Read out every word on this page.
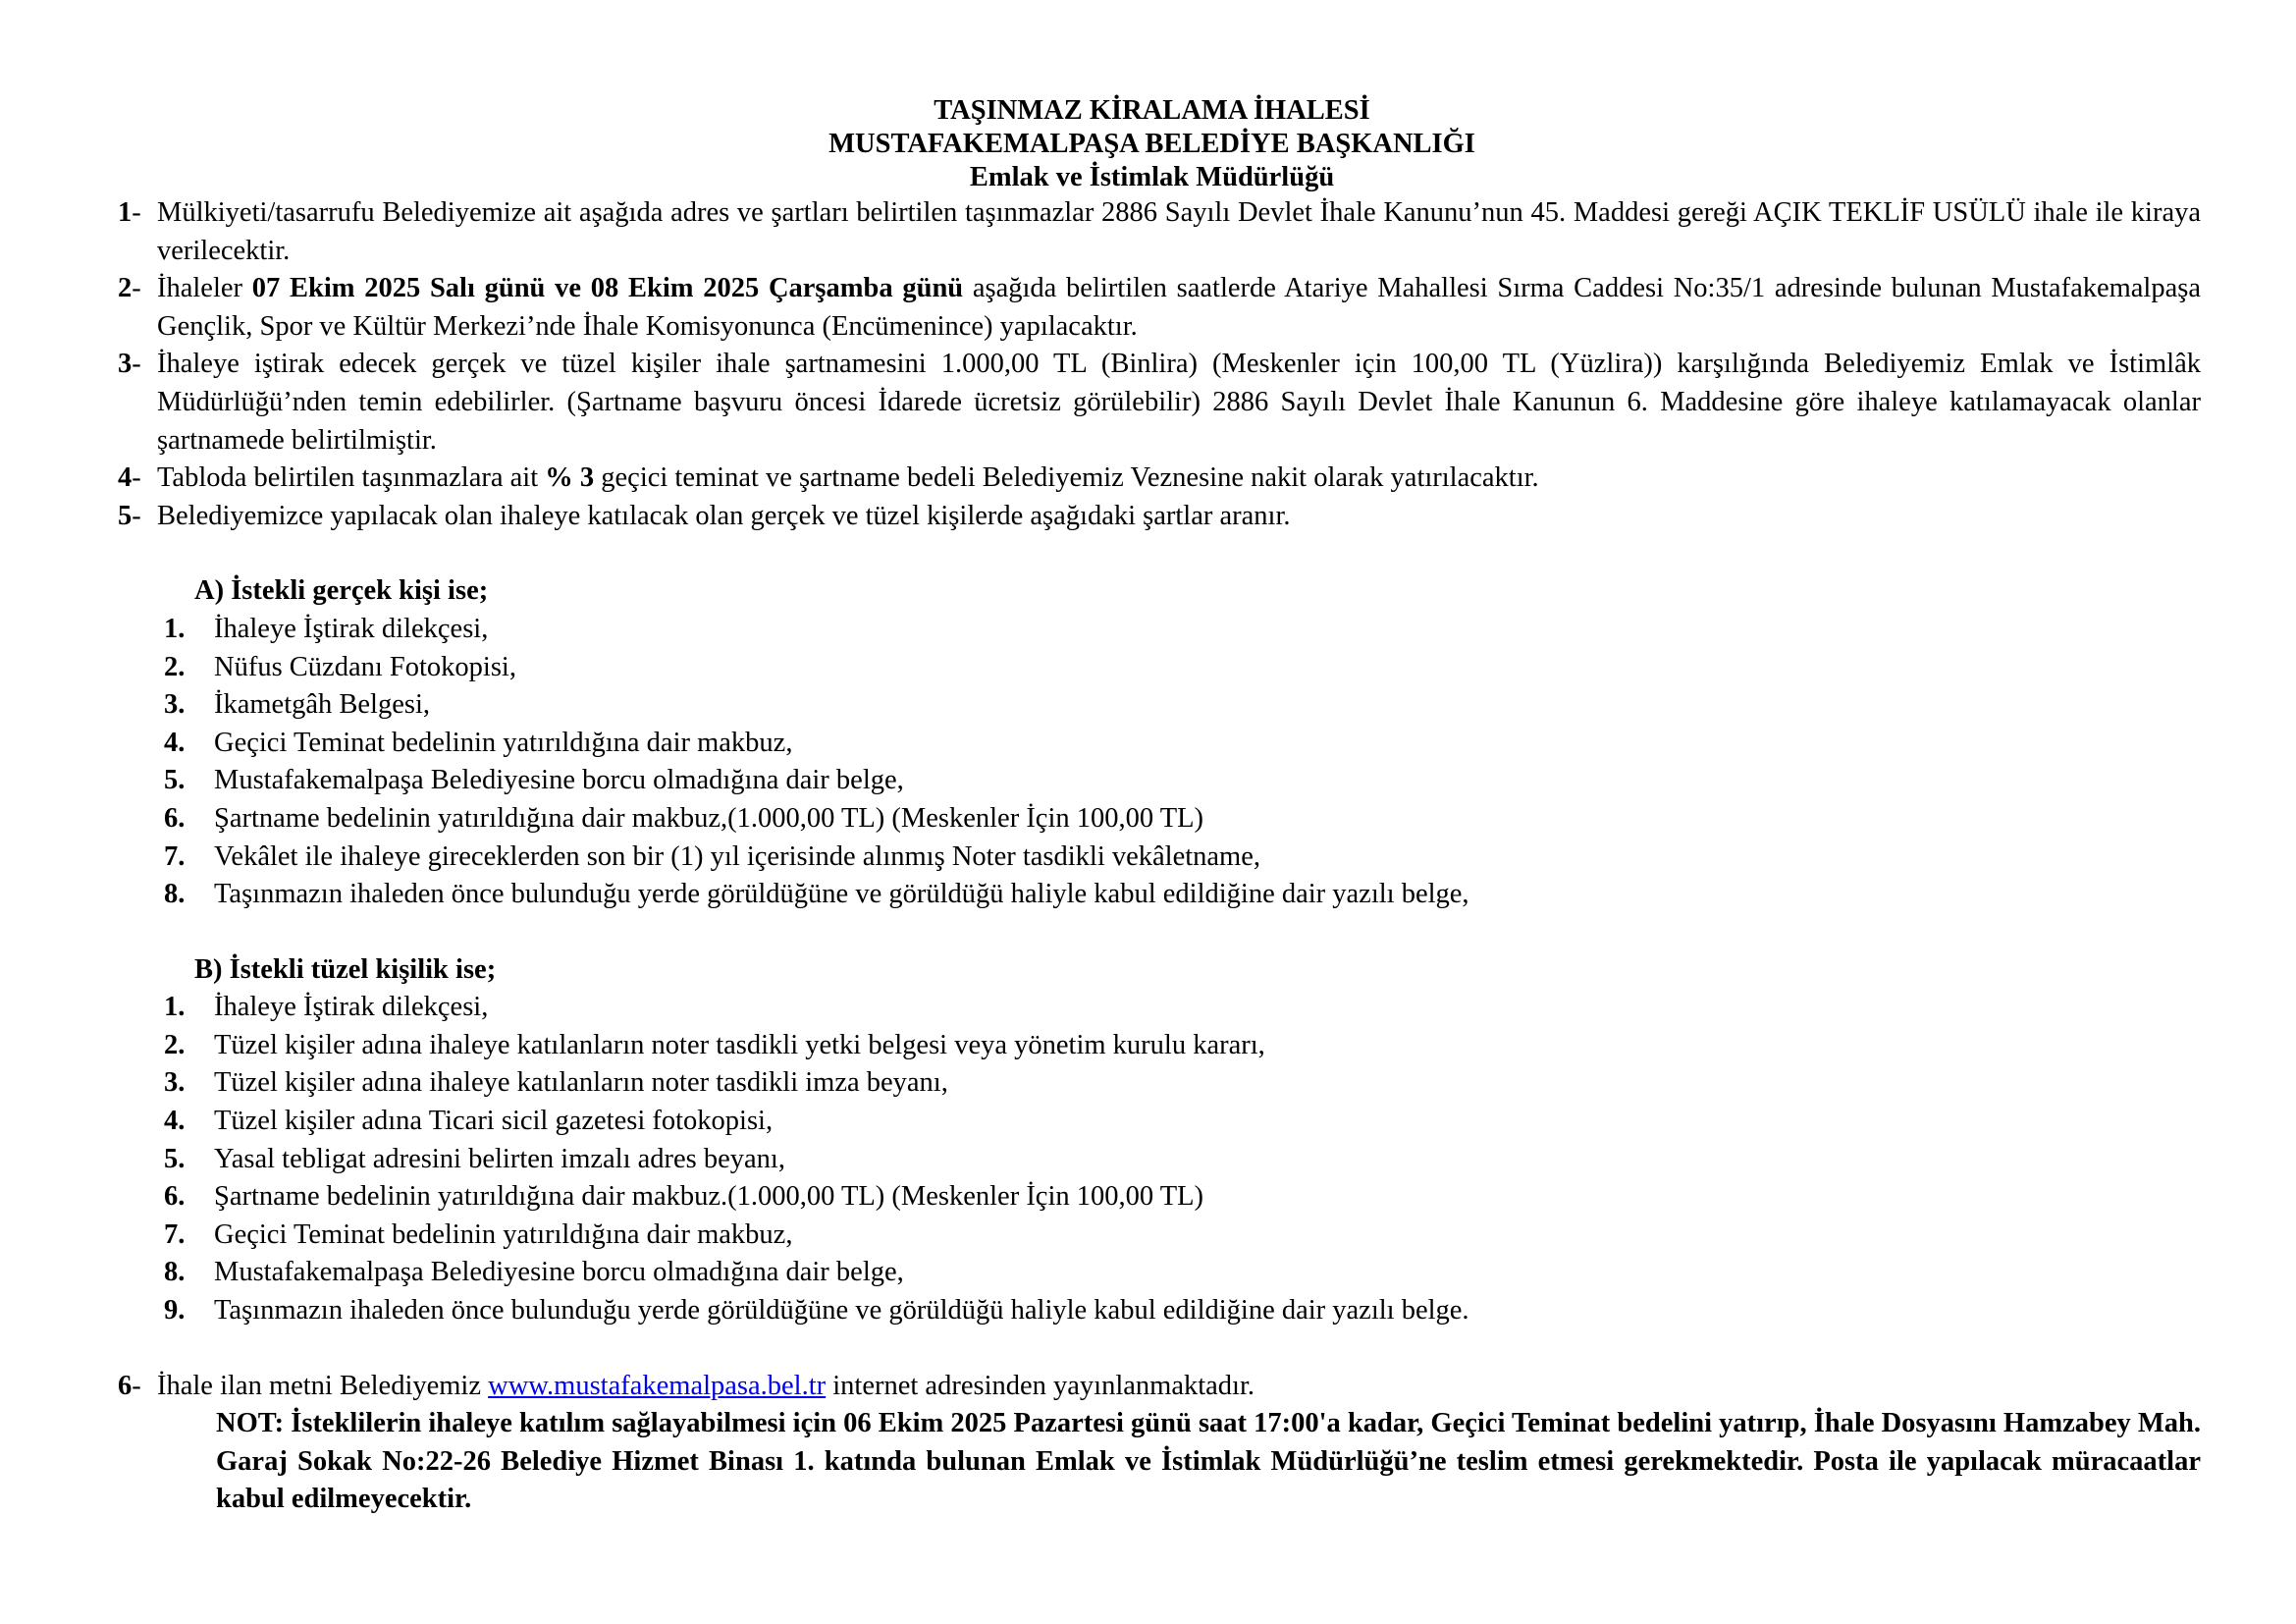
TAŞINMAZ KİRALAMA İHALESİ
MUSTAFAKEMALPAŞA BELEDİYE BAŞKANLIĞI
Emlak ve İstimlak Müdürlüğü
1- Mülkiyeti/tasarrufu Belediyemize ait aşağıda adres ve şartları belirtilen taşınmazlar 2886 Sayılı Devlet İhale Kanunu’nun 45. Maddesi gereği AÇIK TEKLİF USÜLÜ ihale ile kiraya verilecektir.
2- İhaleler 07 Ekim 2025 Salı günü ve 08 Ekim 2025 Çarşamba günü aşağıda belirtilen saatlerde Atariye Mahallesi Sırma Caddesi No:35/1 adresinde bulunan Mustafakemalpaşa Gençlik, Spor ve Kültür Merkezi’nde İhale Komisyonunca (Encümenince) yapılacaktır.
3- İhaleye iştirak edecek gerçek ve tüzel kişiler ihale şartnamesini 1.000,00 TL (Binlira) (Meskenler için 100,00 TL (Yüzlira)) karşılığında Belediyemiz Emlak ve İstimlâk Müdürlüğü’nden temin edebilirler. (Şartname başvuru öncesi İdarede ücretsiz görülebilir) 2886 Sayılı Devlet İhale Kanunun 6. Maddesine göre ihaleye katılamayacak olanlar şartnamede belirtilmiştir.
4- Tabloda belirtilen taşınmazlara ait % 3 geçici teminat ve şartname bedeli Belediyemiz Veznesine nakit olarak yatırılacaktır.
5- Belediyemizce yapılacak olan ihaleye katılacak olan gerçek ve tüzel kişilerde aşağıdaki şartlar aranır.
A) İstekli gerçek kişi ise;
1. İhaleye İştirak dilekçesi,
2. Nüfus Cüzdanı Fotokopisi,
3. İkametgâh Belgesi,
4. Geçici Teminat bedelinin yatırıldığına dair makbuz,
5. Mustafakemalpaşa Belediyesine borcu olmadığına dair belge,
6. Şartname bedelinin yatırıldığına dair makbuz,(1.000,00 TL) (Meskenler İçin 100,00 TL)
7. Vekâlet ile ihaleye gireceklerden son bir (1) yıl içerisinde alınmış Noter tasdikli vekâletname,
8. Taşınmazın ihaleden önce bulunduğu yerde görüldüğüne ve görüldüğü haliyle kabul edildiğine dair yazılı belge,
B) İstekli tüzel kişilik ise;
1. İhaleye İştirak dilekçesi,
2. Tüzel kişiler adına ihaleye katılanların noter tasdikli yetki belgesi veya yönetim kurulu kararı,
3. Tüzel kişiler adına ihaleye katılanların noter tasdikli imza beyanı,
4. Tüzel kişiler adına Ticari sicil gazetesi fotokopisi,
5. Yasal tebligat adresini belirten imzalı adres beyanı,
6. Şartname bedelinin yatırıldığına dair makbuz.(1.000,00 TL) (Meskenler İçin 100,00 TL)
7. Geçici Teminat bedelinin yatırıldığına dair makbuz,
8. Mustafakemalpaşa Belediyesine borcu olmadığına dair belge,
9. Taşınmazın ihaleden önce bulunduğu yerde görüldüğüne ve görüldüğü haliyle kabul edildiğine dair yazılı belge.
6- İhale ilan metni Belediyemiz www.mustafakemalpasa.bel.tr internet adresinden yayınlanmaktadır.
NOT: İsteklilerin ihaleye katılım sağlayabilmesi için 06 Ekim 2025 Pazartesi günü saat 17:00'a kadar, Geçici Teminat bedelini yatırıp, İhale Dosyasını Hamzabey Mah. Garaj Sokak No:22-26 Belediye Hizmet Binası 1. katında bulunan Emlak ve İstimlak Müdürlüğü’ne teslim etmesi gerekmektedir. Posta ile yapılacak müracaatlar kabul edilmeyecektir.
